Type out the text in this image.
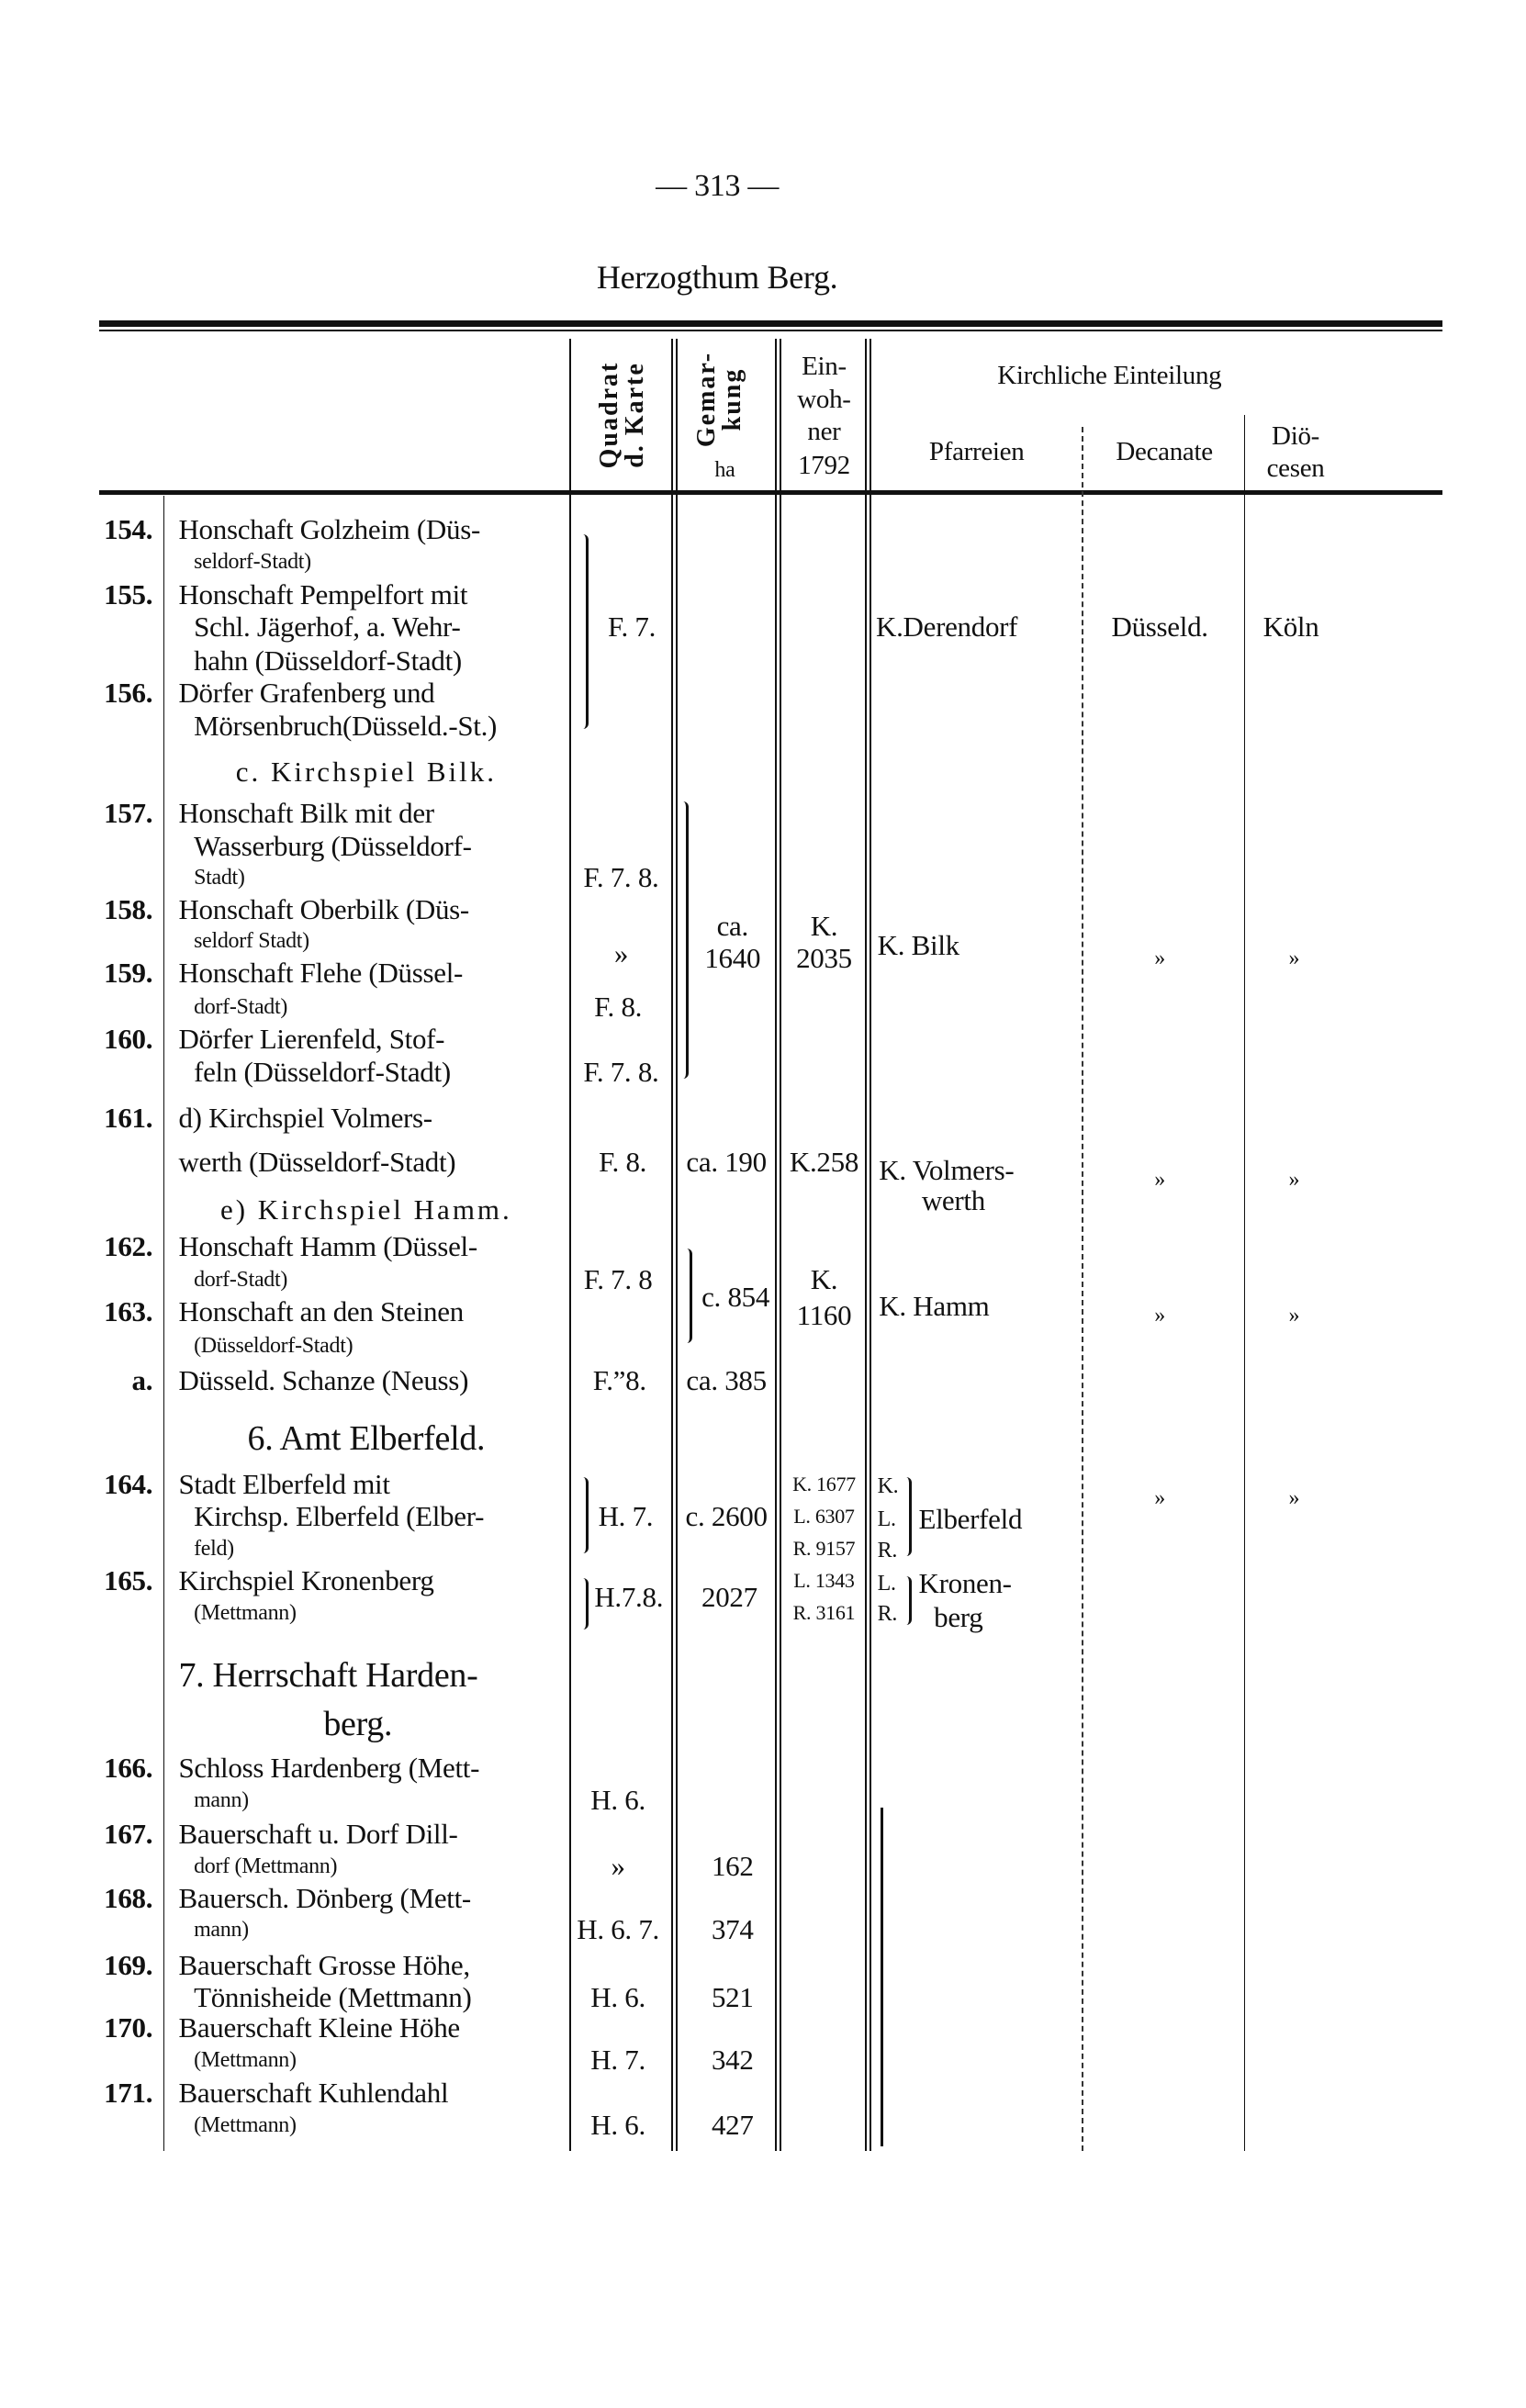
— 313 —
Herzogthum Berg.
Quadrat
d. Karte Gemar-
kung
ha
Ein-
woh-
ner
1792
Kirchliche Einteilung
Pfarreien	Decanate
Diö-
cesen
154. Honschaft Golzheim (Düs-
seldorf-Stadt)
155. Honschaft Pempelfort mit
Schl. Jägerhof, a. Wehr-
hahn (Düsseldorf-Stadt)
156. Dörfer Grafenberg und
Mörsenbruch(Düsseld.-St.)
c. Kirchspiel Bilk.
157. Honschaft Bilk mit der
Wasserburg (Düsseldorf-
Stadt)
158. Honschaft Oberbilk (Düs-
seldorf Stadt)
159. Honschaft Flehe (Düssel-
dorf-Stadt)
160. Dörfer Lierenfeld, Stof-
feln (Düsseldorf-Stadt)
161. d) Kirchspiel Volmers-
werth (Düsseldorf-Stadt)
e) Kirchspiel Hamm.
162. Honschaft Hamm (Düssel-
dorf-Stadt)
163. Honschaft an den Steinen
(Düsseldorf-Stadt)
a. Düsseld. Schanze (Neuss)
6. Amt Elberfeld.
164. Stadt Elberfeld mit
Kirchsp. Elberfeld (Elber-
feld)
165. Kirchspiel Kronenberg
(Mettmann)
7. Herrschaft Harden-
berg.
166. Schloss Hardenberg (Mett-
mann)
167. Bauerschaft u. Dorf Dill-
dorf (Mettmann)
168. Bauersch. Dönberg (Mett-
mann)
169. Bauerschaft Grosse Höhe,
Tönnisheide (Mettmann)
170. Bauerschaft Kleine Höhe
(Mettmann)
171. Bauerschaft Kuhlendahl
(Mettmann)
F. 7.
F. 7. 8.
»
F. 8.
F. 7. 8.
F. 8.
F. 7. 8
F.”8.
H. 7.
H.7.8.
H. 6.
»
H. 6. 7.
H. 6.
H. 7.
H. 6.
ca.
1640
ca. 190
c. 854
ca. 385
c. 2600
2027
162
374
521
342
427
K.
2035
K.258
K.
1160
K. 1677
L. 6307
R. 9157
L. 1343
R. 3161
K.Derendorf
K. Bilk
K. Volmers-
werth
K. Hamm
K.
L.
R.
Elberfeld
L.
R.
Kronen-
berg
Düsseld.
»
»
»
»
Köln
»
»
»
»
